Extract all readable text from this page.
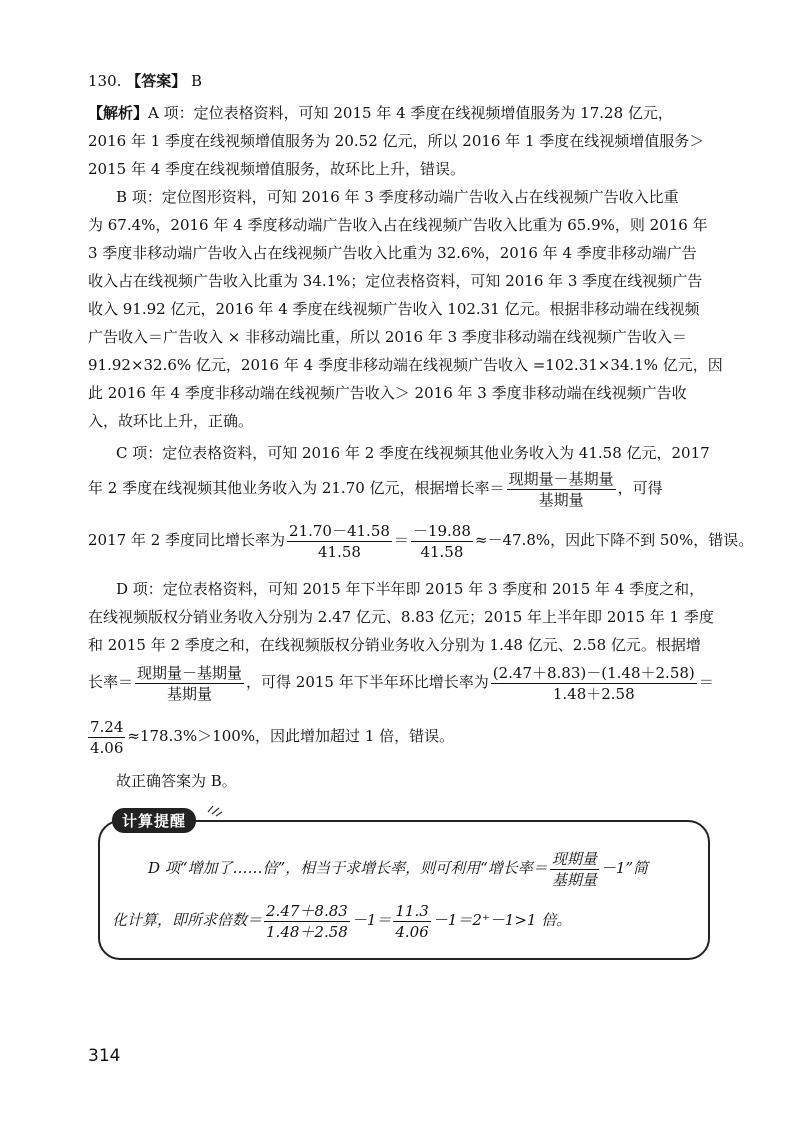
130. 【答案】 B
【解析】A 项：定位表格资料，可知 2015 年 4 季度在线视频增值服务为 17.28 亿元，
2016 年 1 季度在线视频增值服务为 20.52 亿元，所以 2016 年 1 季度在线视频增值服务＞
2015 年 4 季度在线视频增值服务，故环比上升，错误。
B 项：定位图形资料，可知 2016 年 3 季度移动端广告收入占在线视频广告收入比重
为 67.4%，2016 年 4 季度移动端广告收入占在线视频广告收入比重为 65.9%，则 2016 年
3 季度非移动端广告收入占在线视频广告收入比重为 32.6%，2016 年 4 季度非移动端广告
收入占在线视频广告收入比重为 34.1%；定位表格资料，可知 2016 年 3 季度在线视频广告
收入 91.92 亿元，2016 年 4 季度在线视频广告收入 102.31 亿元。根据非移动端在线视频
广告收入＝广告收入 × 非移动端比重，所以 2016 年 3 季度非移动端在线视频广告收入＝
91.92×32.6% 亿元，2016 年 4 季度非移动端在线视频广告收入 =102.31×34.1% 亿元，因
此 2016 年 4 季度非移动端在线视频广告收入＞ 2016 年 3 季度非移动端在线视频广告收
入，故环比上升，正确。
C 项：定位表格资料，可知 2016 年 2 季度在线视频其他业务收入为 41.58 亿元，2017
年 2 季度在线视频其他业务收入为 21.70 亿元，根据增长率＝ $\frac{\text{现期量－基期量}}{\text{基期量}}$ ，可得
2017 年 2 季度同比增长率为 $\frac{21.70-41.58}{41.58} = \frac{-19.88}{41.58} \approx-47.8\%$，因此下降不到 50%，错误。
D 项：定位表格资料，可知 2015 年下半年即 2015 年 3 季度和 2015 年 4 季度之和，
在线视频版权分销业务收入分别为 2.47 亿元、8.83 亿元；2015 年上半年即 2015 年 1 季度
和 2015 年 2 季度之和，在线视频版权分销业务收入分别为 1.48 亿元、2.58 亿元。根据增
长率＝ $\frac{\text{现期量－基期量}}{\text{基期量}}$ ，可得 2015 年下半年环比增长率为 $\frac{(2.47+8.83)-(1.48+2.58)}{1.48+2.58}$ ＝
$\frac{7.24}{4.06} \approx 178.3\%>100\%$，因此增加超过 1 倍，错误。
故正确答案为 B。
计算提醒
D 项“增加了……倍”，相当于求增长率，则可利用“增长率＝ $\frac{\text{现期量}}{\text{基期量}} -1$”简
化计算，即所求倍数＝ $\frac{2.47+8.83}{1.48+2.58} -1= \frac{11.3}{4.06} -1=2^+-1>1$ 倍。
314
